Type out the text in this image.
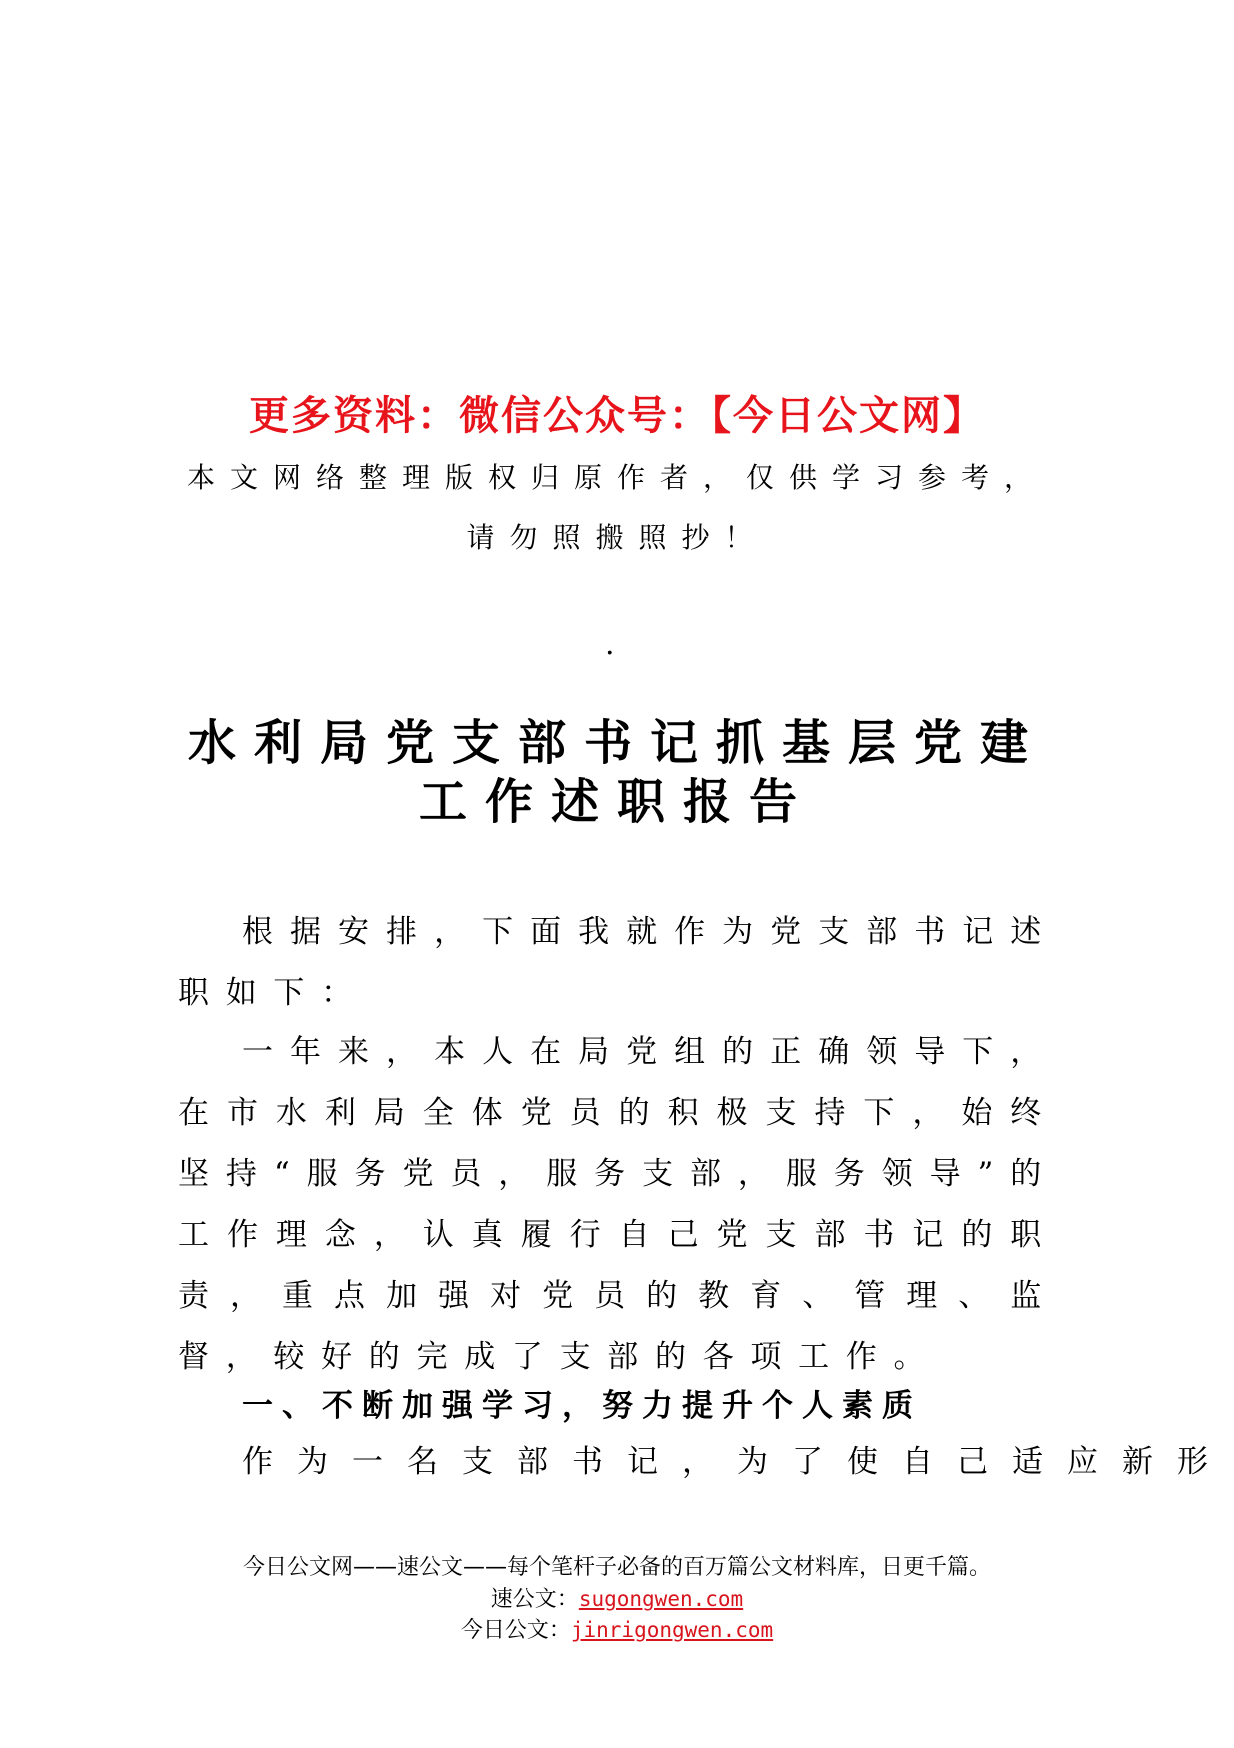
更多资料：微信公众号：【今日公文网】
本文网络整理版权归原作者，仅供学习参考，
请勿照搬照抄！
.
水利局党支部书记抓基层党建
工作述职报告
根据安排，下面我就作为党支部书记述职如下：
一年来，本人在局党组的正确领导下，在市水利局全体党员的积极支持下，始终坚持“服务党员，服务支部，服务领导”的工作理念，认真履行自己党支部书记的职责，重点加强对党员的教育、管理、监督，较好的完成了支部的各项工作。
一、不断加强学习，努力提升个人素质
作为一名支部书记，为了使自己适应新形
今日公文网——速公文——每个笔杆子必备的百万篇公文材料库，日更千篇。
速公文：sugongwen.com
今日公文：jinrigongwen.com
